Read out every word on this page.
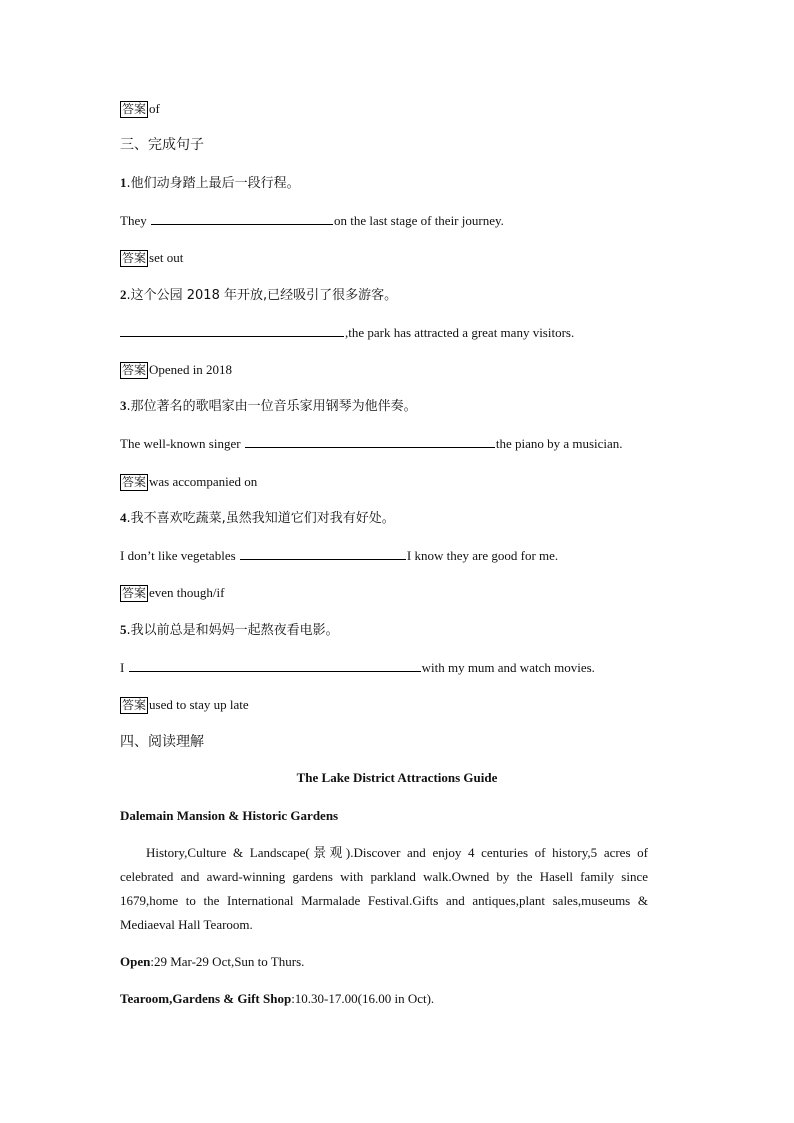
答案 of
三、完成句子
1.他们动身踏上最后一段行程。
They	on the last stage of their journey.
答案 set out
2.这个公园 2018 年开放,已经吸引了很多游客。
,the park has attracted a great many visitors.
答案 Opened in 2018
3.那位著名的歌唱家由一位音乐家用钢琴为他伴奏。
The well-known singer	the piano by a musician.
答案 was accompanied on
4.我不喜欢吃蔬菜,虽然我知道它们对我有好处。
I don’t like vegetables	I know they are good for me.
答案 even though/if
5.我以前总是和妈妈一起熬夜看电影。
I	with my mum and watch movies.
答案 used to stay up late
四、阅读理解
The Lake District Attractions Guide
Dalemain Mansion & Historic Gardens
History,Culture & Landscape(景观).Discover and enjoy 4 centuries of history,5 acres of celebrated and award-winning gardens with parkland walk.Owned by the Hasell family since 1679,home to the International Marmalade Festival.Gifts and antiques,plant sales,museums & Mediaeval Hall Tearoom.
Open:29 Mar-29 Oct,Sun to Thurs.
Tearoom,Gardens & Gift Shop:10.30-17.00(16.00 in Oct).
